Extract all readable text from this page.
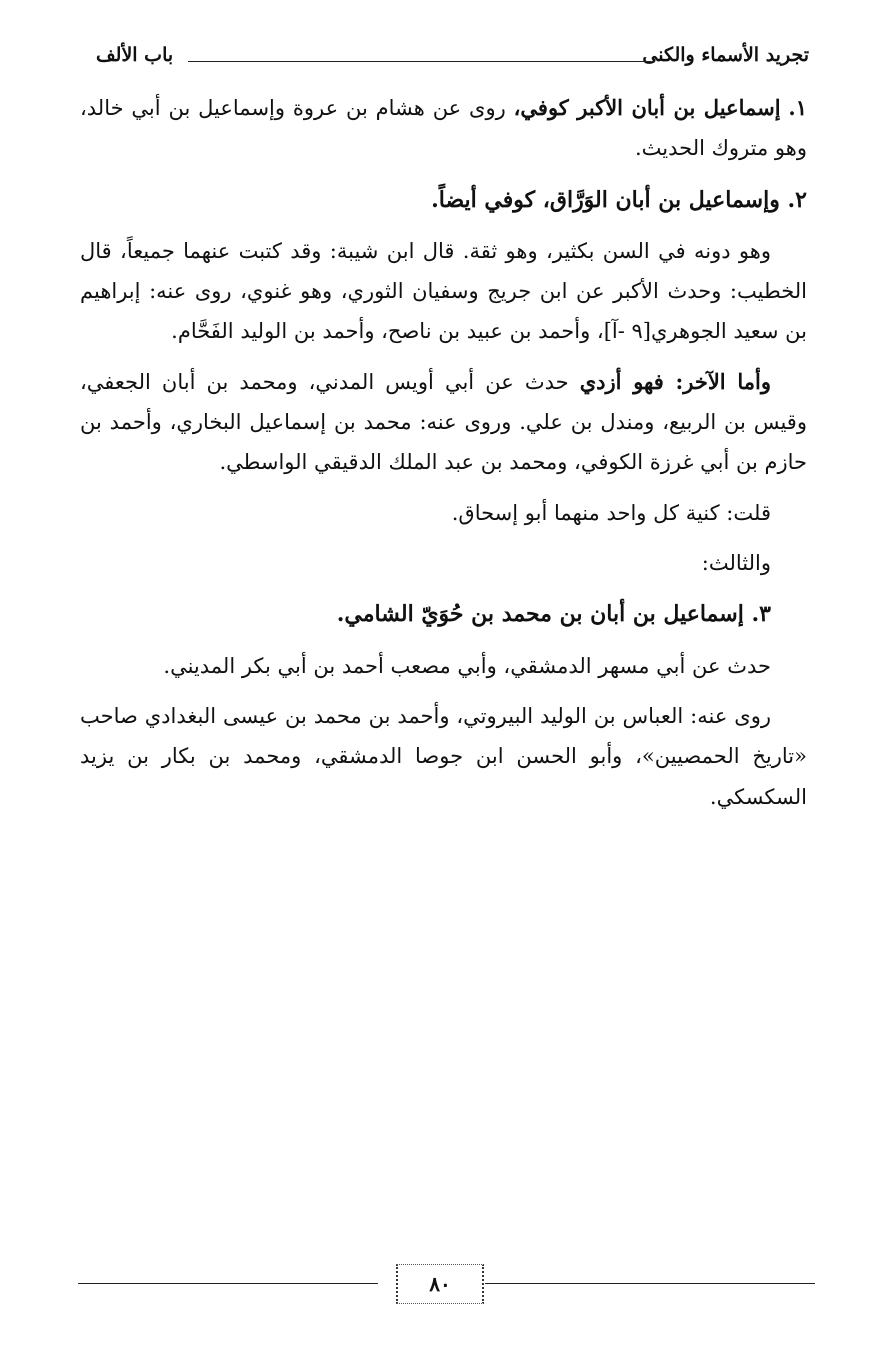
تجريد الأسماء والكنى
باب الألف

١. إسماعيل بن أبان الأكبر كوفي، روى عن هشام بن عروة وإسماعيل بن أبي خالد، وهو متروك الحديث.

٢. وإسماعيل بن أبان الوَرَّاق، كوفي أيضاً.

وهو دونه في السن بكثير، وهو ثقة. قال ابن شيبة: وقد كتبت عنهما جميعاً، قال الخطيب: وحدث الأكبر عن ابن جريج وسفيان الثوري، وهو غنوي، روى عنه: إبراهيم بن سعيد الجوهري[٩ -آ]، وأحمد بن عبيد بن ناصح، وأحمد بن الوليد الفَحَّام.

وأما الآخر: فهو أزدي حدث عن أبي أويس المدني، ومحمد بن أبان الجعفي، وقيس بن الربيع، ومندل بن علي. وروى عنه: محمد بن إسماعيل البخاري، وأحمد بن حازم بن أبي غرزة الكوفي، ومحمد بن عبد الملك الدقيقي الواسطي.

قلت: كنية كل واحد منهما أبو إسحاق.

والثالث:

٣. إسماعيل بن أبان بن محمد بن حُوَيّ الشامي.

حدث عن أبي مسهر الدمشقي، وأبي مصعب أحمد بن أبي بكر المديني.

روى عنه: العباس بن الوليد البيروتي، وأحمد بن محمد بن عيسى البغدادي صاحب «تاريخ الحمصيين»، وأبو الحسن ابن جوصا الدمشقي، ومحمد بن بكار بن يزيد السكسكي.

٨٠
